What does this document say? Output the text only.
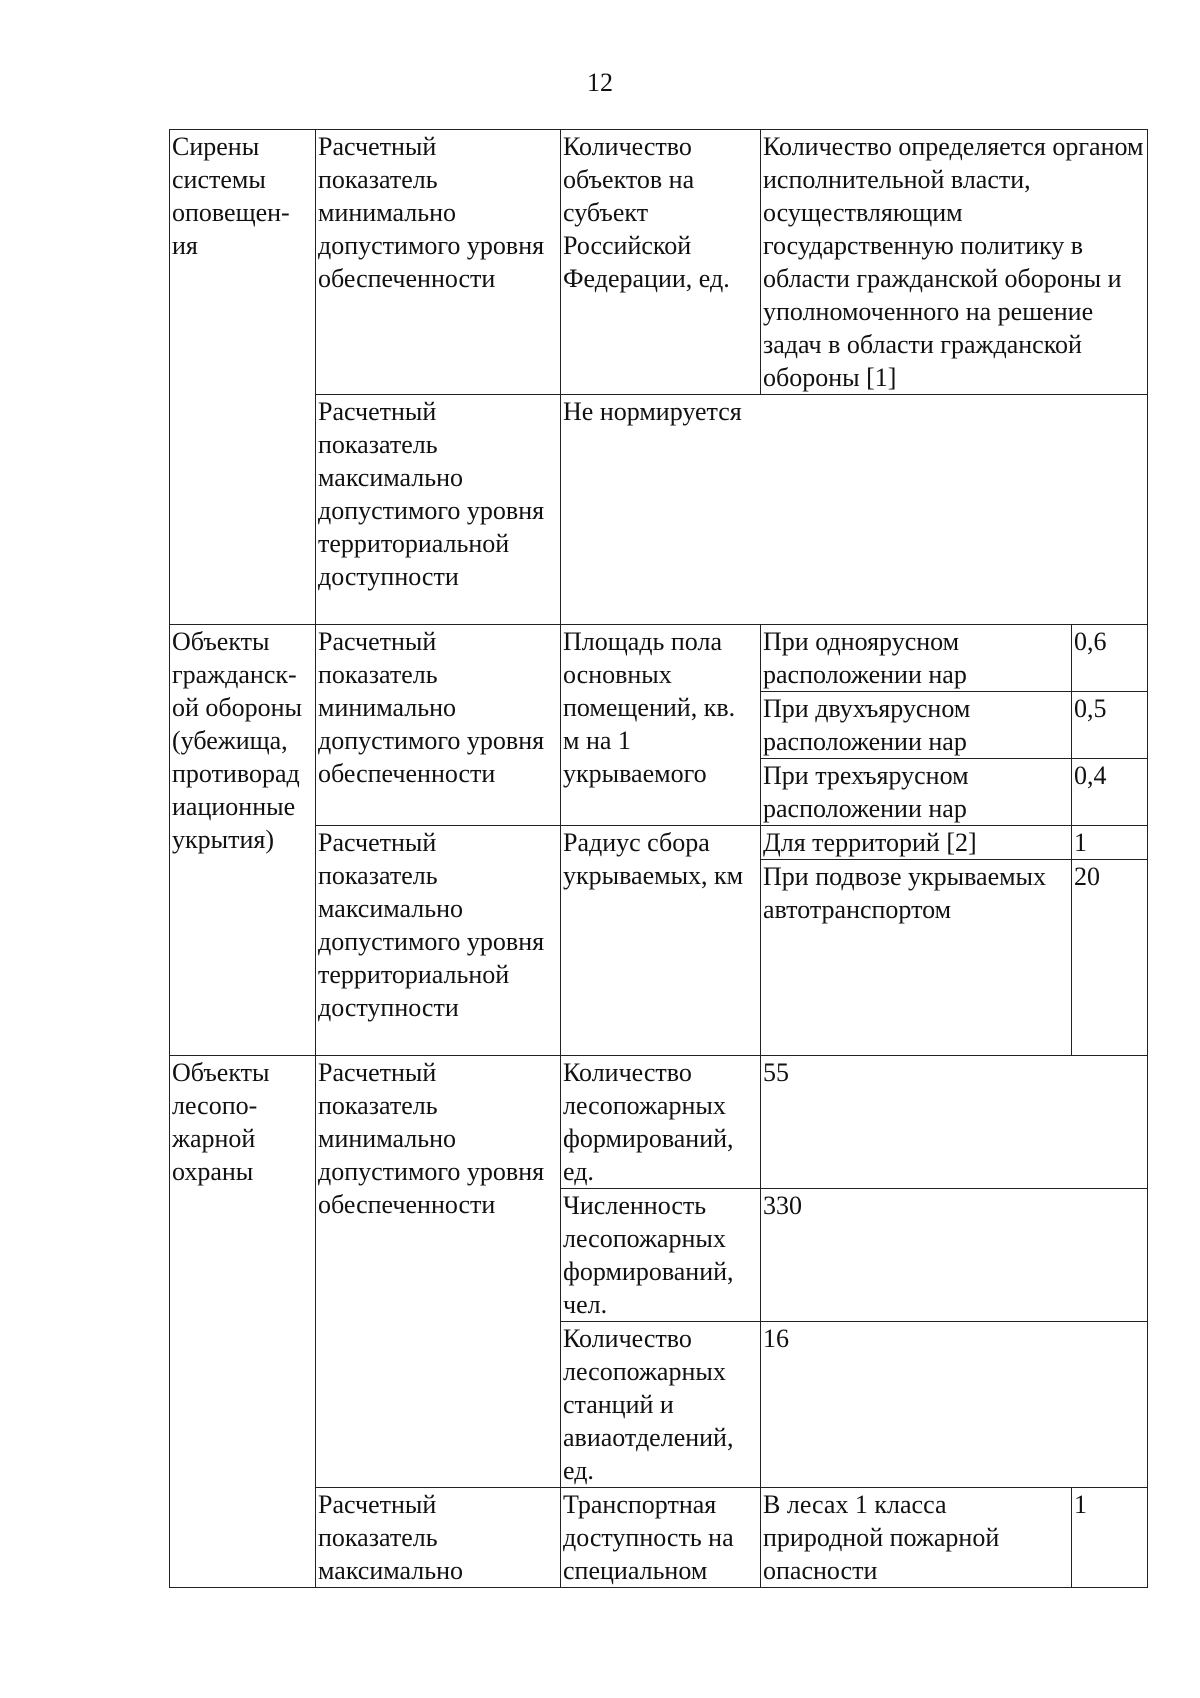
12
Сирены системы оповещен-ия	Расчетный показатель минимально допустимого уровня обеспеченности	Количество объектов на субъект Российской Федерации, ед.	Количество определяется органом исполнительной власти, осуществляющим государственную политику в области гражданской обороны и уполномоченного на решение задач в области гражданской обороны [1]	
	Расчетный показатель максимально допустимого уровня территориальной доступности	Не нормируется		
Объекты гражданск-ой обороны (убежища, противорад иационные укрытия)	Расчетный показатель минимально допустимого уровня обеспеченности	Площадь пола основных помещений, кв. м на 1 укрываемого	При одноярусном расположении нар	0,6
			При двухъярусном расположении нар	0,5
			При трехъярусном расположении нар	0,4
	Расчетный показатель максимально допустимого уровня территориальной доступности	Радиус сбора укрываемых, км	Для территорий [2]	1
			При подвозе укрываемых автотранспортом	20
Объекты лесопо-жарной охраны	Расчетный показатель минимально допустимого уровня обеспеченности	Количество лесопожарных формирований, ед.	55	
		Численность лесопожарных формирований, чел.	330	
		Количество лесопожарных станций и авиаотделений, ед.	16	
	Расчетный показатель максимально	Транспортная доступность на специальном	В лесах 1 класса природной пожарной опасности	1
